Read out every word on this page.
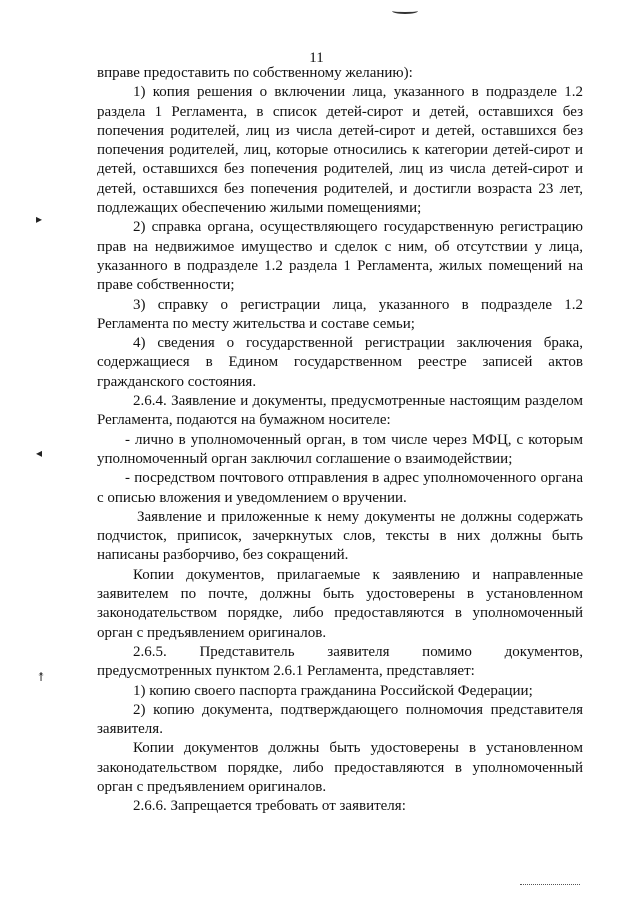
11
▸
◂
↟

вправе предоставить по собственному желанию):

1) копия решения о включении лица, указанного в подразделе 1.2 раздела 1 Регламента, в список детей-сирот и детей, оставшихся без попечения родителей, лиц из числа детей-сирот и детей, оставшихся без попечения родителей, лиц, которые относились к категории детей-сирот и детей, оставшихся без попечения родителей, лиц из числа детей-сирот и детей, оставшихся без попечения родителей, и достигли возраста 23 лет, подлежащих обеспечению жилыми помещениями;

2) справка органа, осуществляющего государственную регистрацию прав на недвижимое имущество и сделок с ним, об отсутствии у лица, указанного в подразделе 1.2 раздела 1 Регламента, жилых помещений на праве собственности;

3) справку о регистрации лица, указанного в подразделе 1.2 Регламента по месту жительства и составе семьи;

4) сведения о государственной регистрации заключения брака, содержащиеся в Едином государственном реестре записей актов гражданского состояния.

2.6.4. Заявление и документы, предусмотренные настоящим разделом Регламента, подаются на бумажном носителе:

- лично в уполномоченный орган, в том числе через МФЦ, с которым уполномоченный орган заключил соглашение о взаимодействии;

- посредством почтового отправления в адрес уполномоченного органа с описью вложения и уведомлением о вручении.

Заявление и приложенные к нему документы не должны содержать подчисток, приписок, зачеркнутых слов, тексты в них должны быть написаны разборчиво, без сокращений.

Копии документов, прилагаемые к заявлению и направленные заявителем по почте, должны быть удостоверены в установленном законодательством порядке, либо предоставляются в уполномоченный орган с предъявлением оригиналов.

2.6.5. Представитель заявителя помимо документов, предусмотренных пунктом 2.6.1 Регламента, представляет:

1) копию своего паспорта гражданина Российской Федерации;

2) копию документа, подтверждающего полномочия представителя заявителя.

Копии документов должны быть удостоверены в установленном законодательством порядке, либо предоставляются в уполномоченный орган с предъявлением оригиналов.

2.6.6. Запрещается требовать от заявителя:
